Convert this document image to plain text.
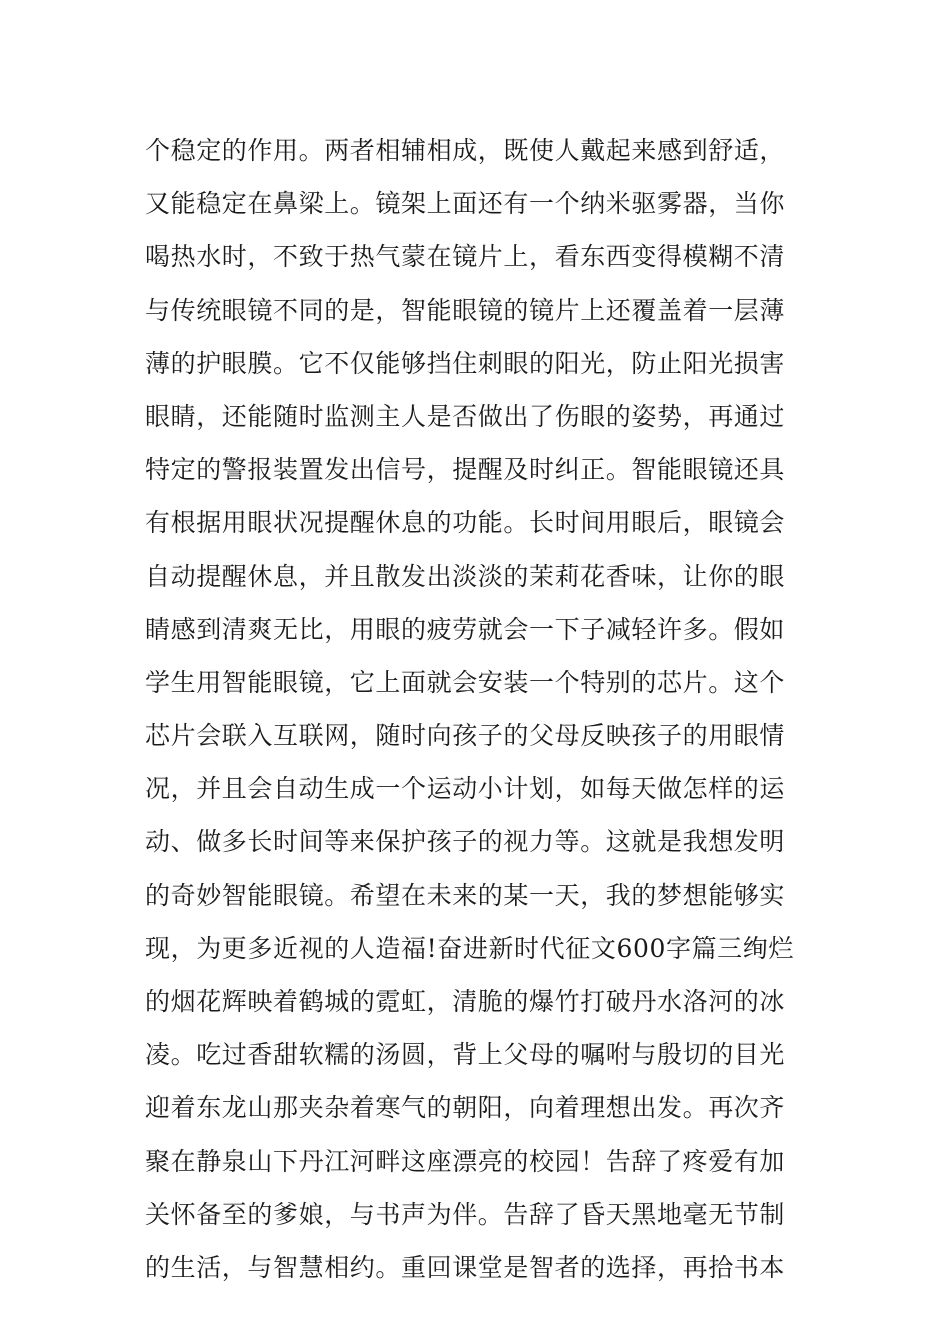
个稳定的作用。两者相辅相成，既使人戴起来感到舒适，
又能稳定在鼻梁上。镜架上面还有一个纳米驱雾器，当你
喝热水时，不致于热气蒙在镜片上，看东西变得模糊不清
与传统眼镜不同的是，智能眼镜的镜片上还覆盖着一层薄
薄的护眼膜。它不仅能够挡住刺眼的阳光，防止阳光损害
眼睛，还能随时监测主人是否做出了伤眼的姿势，再通过
特定的警报装置发出信号，提醒及时纠正。智能眼镜还具
有根据用眼状况提醒休息的功能。长时间用眼后，眼镜会
自动提醒休息，并且散发出淡淡的茉莉花香味，让你的眼
睛感到清爽无比，用眼的疲劳就会一下子减轻许多。假如
学生用智能眼镜，它上面就会安装一个特别的芯片。这个
芯片会联入互联网，随时向孩子的父母反映孩子的用眼情
况，并且会自动生成一个运动小计划，如每天做怎样的运
动、做多长时间等来保护孩子的视力等。这就是我想发明
的奇妙智能眼镜。希望在未来的某一天，我的梦想能够实
现，为更多近视的人造福!奋进新时代征文600字篇三绚烂
的烟花辉映着鹤城的霓虹，清脆的爆竹打破丹水洛河的冰
凌。吃过香甜软糯的汤圆，背上父母的嘱咐与殷切的目光
迎着东龙山那夹杂着寒气的朝阳，向着理想出发。再次齐
聚在静泉山下丹江河畔这座漂亮的校园！告辞了疼爱有加
关怀备至的爹娘，与书声为伴。告辞了昏天黑地毫无节制
的生活，与智慧相约。重回课堂是智者的选择，再拾书本
